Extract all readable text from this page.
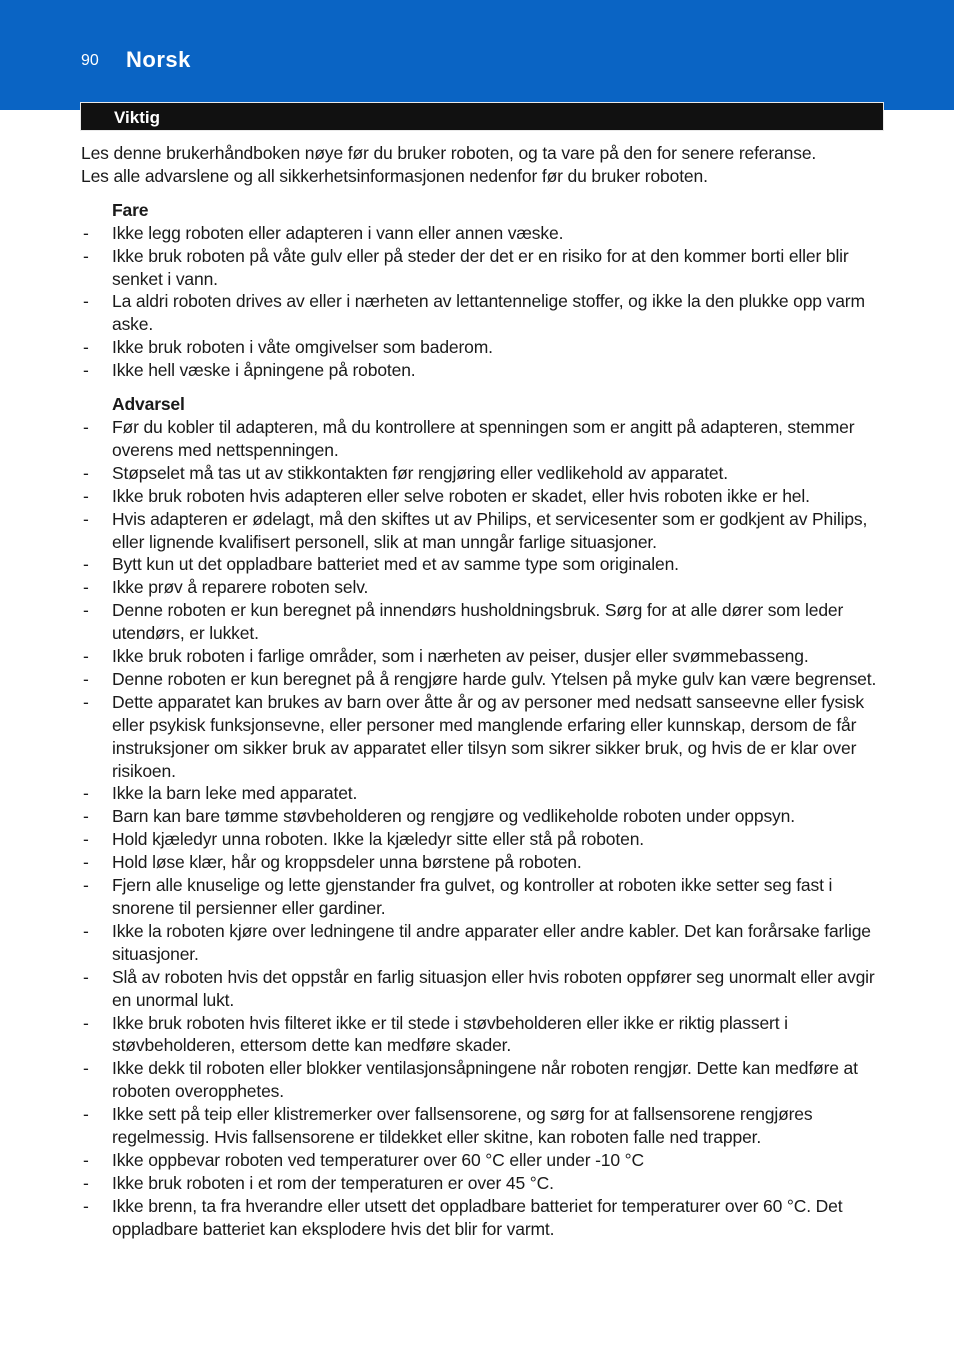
90 Norsk
Viktig

Les denne brukerhåndboken nøye før du bruker roboten, og ta vare på den for senere referanse.

Les alle advarslene og all sikkerhetsinformasjonen nedenfor før du bruker roboten.

Fare
- Ikke legg roboten eller adapteren i vann eller annen væske.
- Ikke bruk roboten på våte gulv eller på steder der det er en risiko for at den kommer borti eller blir senket i vann.
- La aldri roboten drives av eller i nærheten av lettantennelige stoffer, og ikke la den plukke opp varm aske.
- Ikke bruk roboten i våte omgivelser som baderom.
- Ikke hell væske i åpningene på roboten.
Advarsel
- Før du kobler til adapteren, må du kontrollere at spenningen som er angitt på adapteren, stemmer overens med nettspenningen.
- Støpselet må tas ut av stikkontakten før rengjøring eller vedlikehold av apparatet.
- Ikke bruk roboten hvis adapteren eller selve roboten er skadet, eller hvis roboten ikke er hel.
- Hvis adapteren er ødelagt, må den skiftes ut av Philips, et servicesenter som er godkjent av Philips, eller lignende kvalifisert personell, slik at man unngår farlige situasjoner.
- Bytt kun ut det oppladbare batteriet med et av samme type som originalen.
- Ikke prøv å reparere roboten selv.
- Denne roboten er kun beregnet på innendørs husholdningsbruk. Sørg for at alle dører som leder utendørs, er lukket.
- Ikke bruk roboten i farlige områder, som i nærheten av peiser, dusjer eller svømmebasseng.
- Denne roboten er kun beregnet på å rengjøre harde gulv. Ytelsen på myke gulv kan være begrenset.
- Dette apparatet kan brukes av barn over åtte år og av personer med nedsatt sanseevne eller fysisk eller psykisk funksjonsevne, eller personer med manglende erfaring eller kunnskap, dersom de får instruksjoner om sikker bruk av apparatet eller tilsyn som sikrer sikker bruk, og hvis de er klar over risikoen.
- Ikke la barn leke med apparatet.
- Barn kan bare tømme støvbeholderen og rengjøre og vedlikeholde roboten under oppsyn.
- Hold kjæledyr unna roboten. Ikke la kjæledyr sitte eller stå på roboten.
- Hold løse klær, hår og kroppsdeler unna børstene på roboten.
- Fjern alle knuselige og lette gjenstander fra gulvet, og kontroller at roboten ikke setter seg fast i snorene til persienner eller gardiner.
- Ikke la roboten kjøre over ledningene til andre apparater eller andre kabler. Det kan forårsake farlige situasjoner.
- Slå av roboten hvis det oppstår en farlig situasjon eller hvis roboten oppfører seg unormalt eller avgir en unormal lukt.
- Ikke bruk roboten hvis filteret ikke er til stede i støvbeholderen eller ikke er riktig plassert i støvbeholderen, ettersom dette kan medføre skader.
- Ikke dekk til roboten eller blokker ventilasjonsåpningene når roboten rengjør. Dette kan medføre at roboten overopphetes.
- Ikke sett på teip eller klistremerker over fallsensorene, og sørg for at fallsensorene rengjøres regelmessig. Hvis fallsensorene er tildekket eller skitne, kan roboten falle ned trapper.
- Ikke oppbevar roboten ved temperaturer over 60 °C eller under -10 °C
- Ikke bruk roboten i et rom der temperaturen er over 45 °C.
- Ikke brenn, ta fra hverandre eller utsett det oppladbare batteriet for temperaturer over 60 °C. Det oppladbare batteriet kan eksplodere hvis det blir for varmt.
